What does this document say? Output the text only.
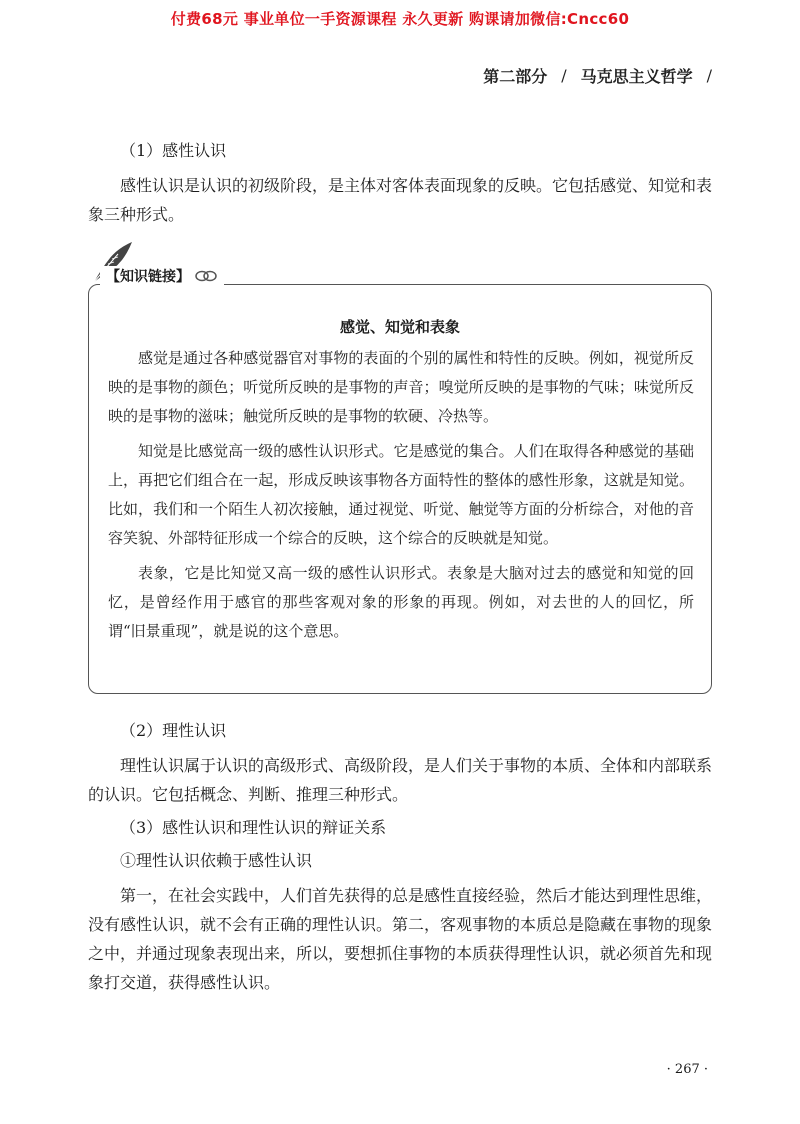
付费68元 事业单位一手资源课程 永久更新 购课请加微信:Cncc60
第二部分 / 马克思主义哲学 /

（1）感性认识

感性认识是认识的初级阶段，是主体对客体表面现象的反映。它包括感觉、知觉和表象三种形式。

【知识链接】
感觉、知觉和表象

感觉是通过各种感觉器官对事物的表面的个别的属性和特性的反映。例如，视觉所反映的是事物的颜色；听觉所反映的是事物的声音；嗅觉所反映的是事物的气味；味觉所反映的是事物的滋味；触觉所反映的是事物的软硬、冷热等。

知觉是比感觉高一级的感性认识形式。它是感觉的集合。人们在取得各种感觉的基础上，再把它们组合在一起，形成反映该事物各方面特性的整体的感性形象，这就是知觉。比如，我们和一个陌生人初次接触，通过视觉、听觉、触觉等方面的分析综合，对他的音容笑貌、外部特征形成一个综合的反映，这个综合的反映就是知觉。

表象，它是比知觉又高一级的感性认识形式。表象是大脑对过去的感觉和知觉的回忆，是曾经作用于感官的那些客观对象的形象的再现。例如，对去世的人的回忆，所谓“旧景重现”，就是说的这个意思。

（2）理性认识

理性认识属于认识的高级形式、高级阶段，是人们关于事物的本质、全体和内部联系的认识。它包括概念、判断、推理三种形式。

（3）感性认识和理性认识的辩证关系

①理性认识依赖于感性认识

第一，在社会实践中，人们首先获得的总是感性直接经验，然后才能达到理性思维，没有感性认识，就不会有正确的理性认识。第二，客观事物的本质总是隐藏在事物的现象之中，并通过现象表现出来，所以，要想抓住事物的本质获得理性认识，就必须首先和现象打交道，获得感性认识。

· 267 ·
